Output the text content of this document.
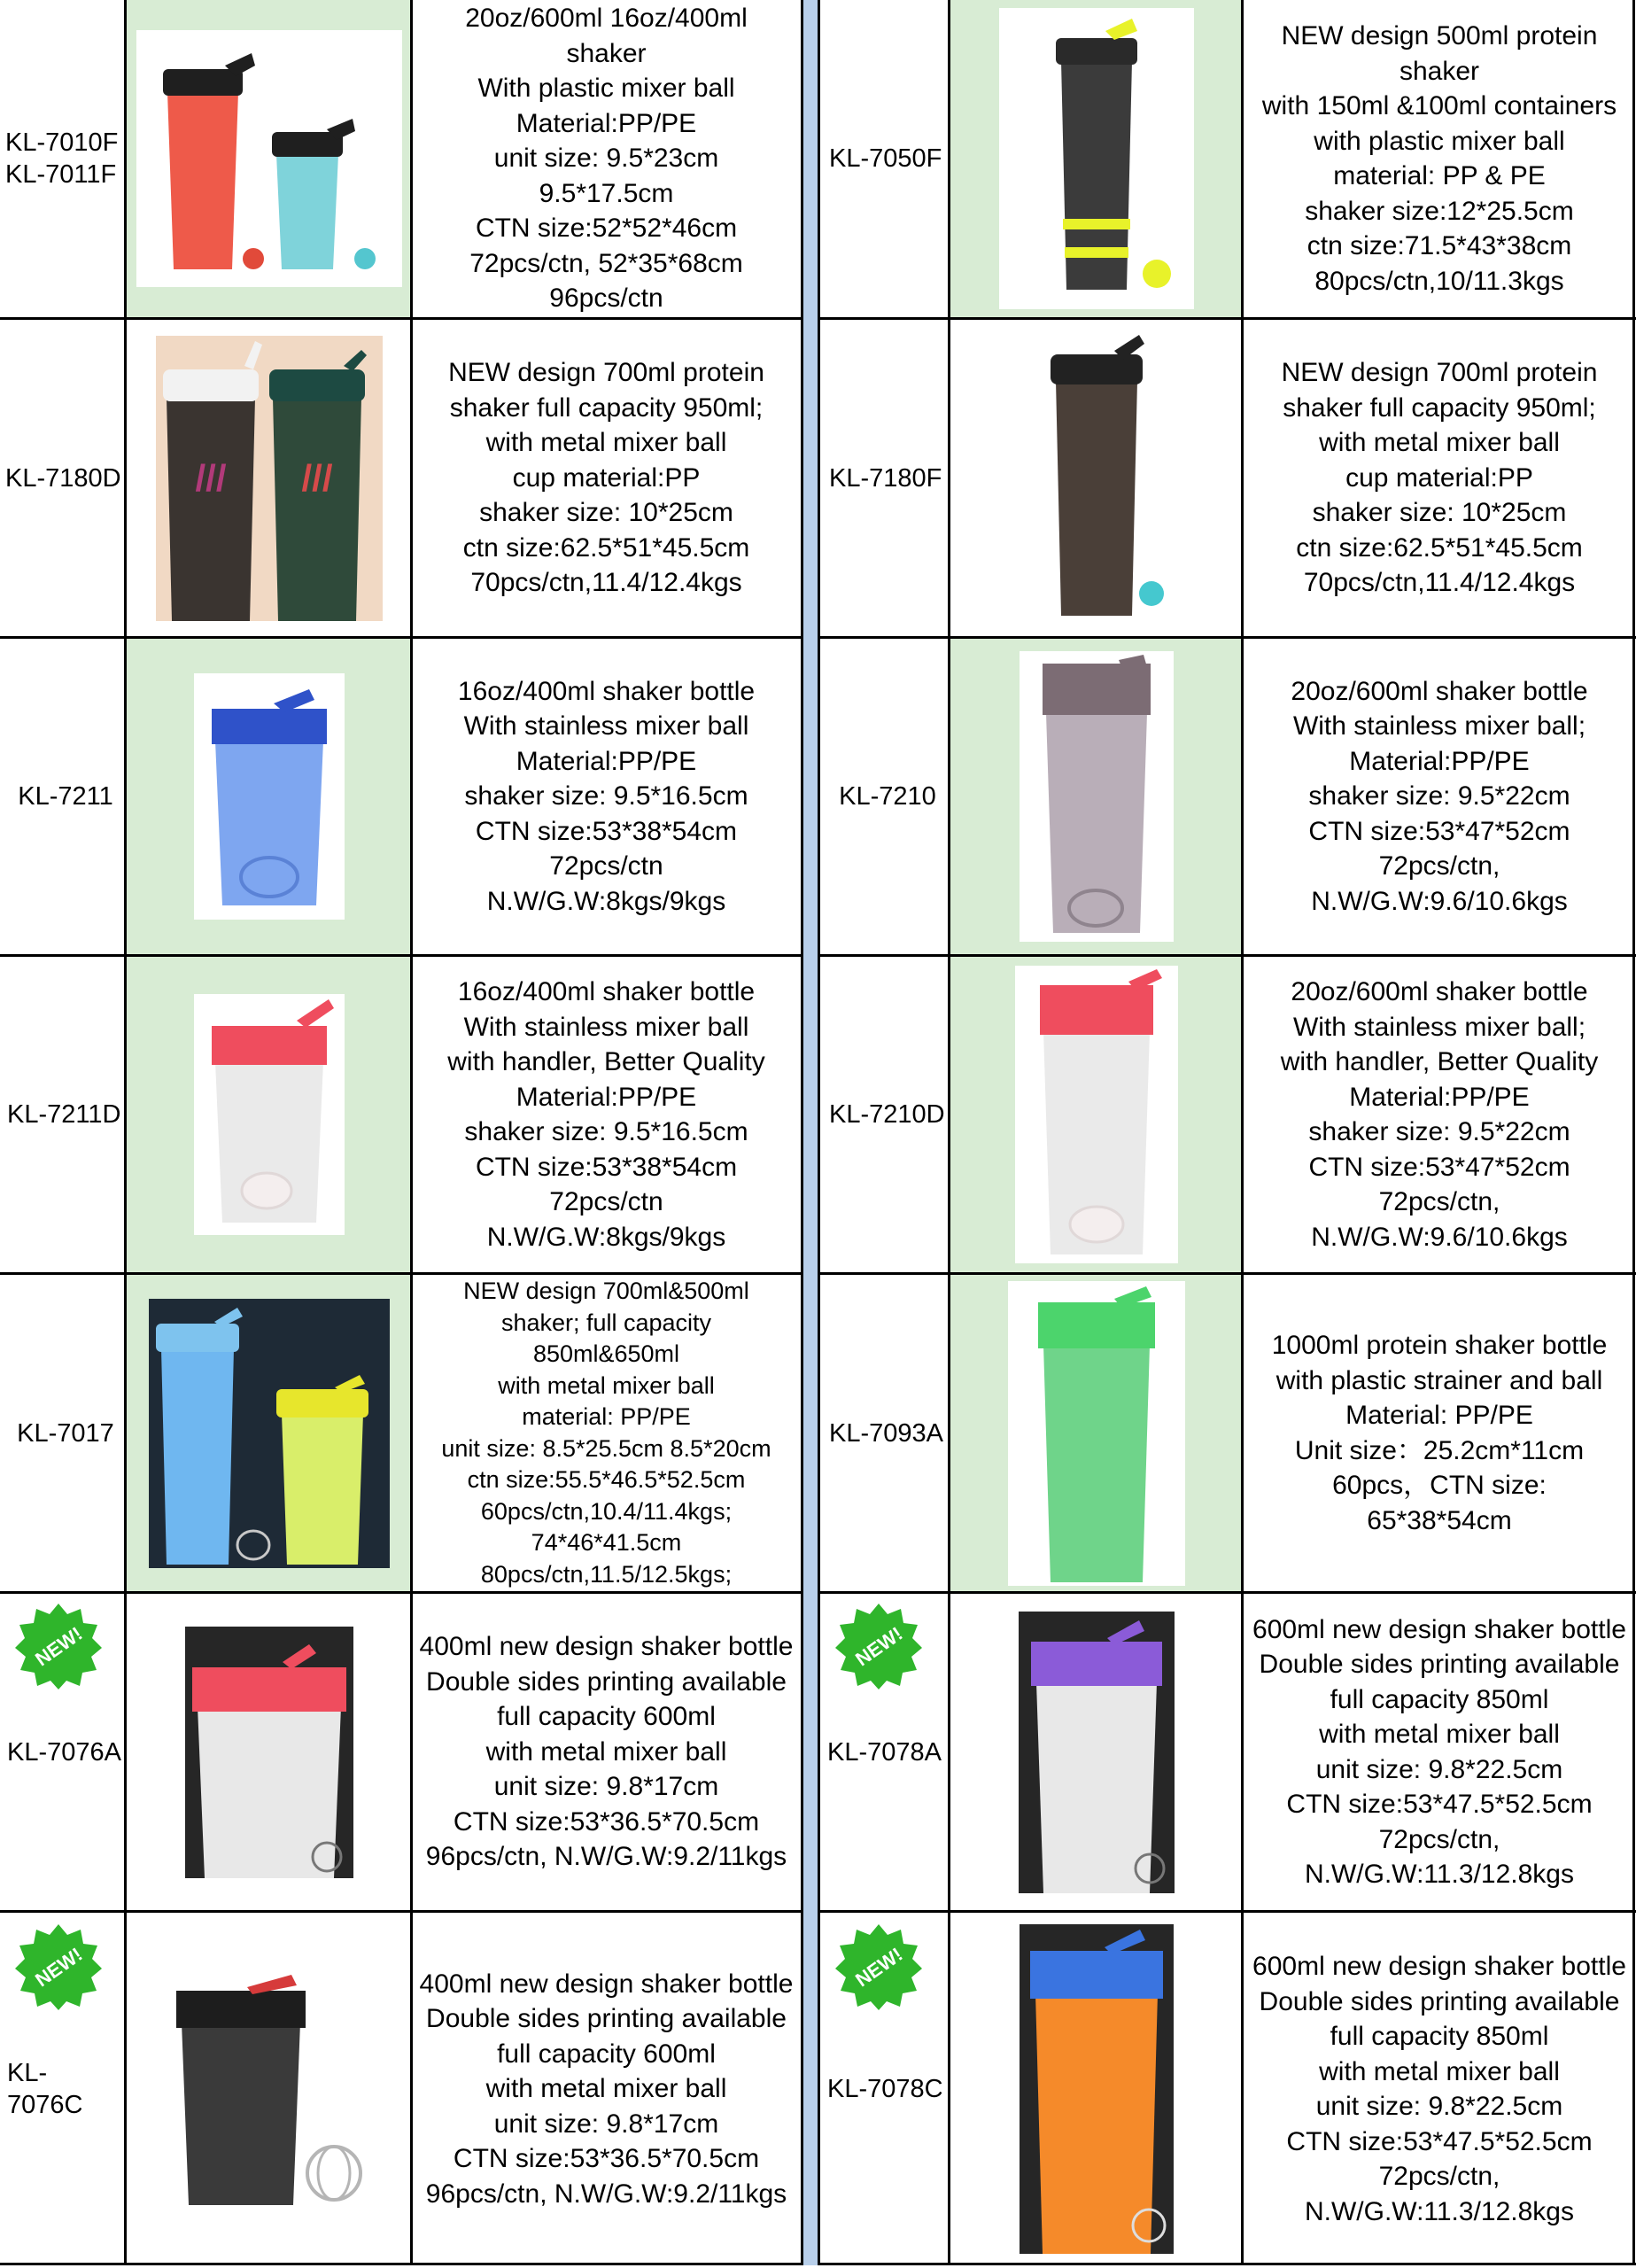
KL-7010F
KL-7011F
20oz/600ml 16oz/400ml
shaker
With plastic mixer ball
Material:PP/PE
unit size: 9.5*23cm
9.5*17.5cm
CTN size:52*52*46cm
72pcs/ctn, 52*35*68cm
96pcs/ctn
KL-7050F
NEW design 500ml protein
shaker
with 150ml &100ml containers
with plastic mixer ball
material: PP & PE
shaker size:12*25.5cm
ctn size:71.5*43*38cm
80pcs/ctn,10/11.3kgs
KL-7180D /// ///
NEW design 700ml protein
shaker full capacity 950ml;
with metal mixer ball
cup material:PP
shaker size: 10*25cm
ctn size:62.5*51*45.5cm
70pcs/ctn,11.4/12.4kgs
KL-7180F
NEW design 700ml protein
shaker full capacity 950ml;
with metal mixer ball
cup material:PP
shaker size: 10*25cm
ctn size:62.5*51*45.5cm
70pcs/ctn,11.4/12.4kgs
KL-7211
16oz/400ml shaker bottle
With stainless mixer ball
Material:PP/PE
shaker size: 9.5*16.5cm
CTN size:53*38*54cm
72pcs/ctn
N.W/G.W:8kgs/9kgs
KL-7210
20oz/600ml shaker bottle
With stainless mixer ball;
Material:PP/PE
shaker size: 9.5*22cm
CTN size:53*47*52cm
72pcs/ctn,
N.W/G.W:9.6/10.6kgs
KL-7211D
16oz/400ml shaker bottle
With stainless mixer ball
with handler, Better Quality
Material:PP/PE
shaker size: 9.5*16.5cm
CTN size:53*38*54cm
72pcs/ctn
N.W/G.W:8kgs/9kgs
KL-7210D
20oz/600ml shaker bottle
With stainless mixer ball;
with handler, Better Quality
Material:PP/PE
shaker size: 9.5*22cm
CTN size:53*47*52cm
72pcs/ctn,
N.W/G.W:9.6/10.6kgs
KL-7017
NEW design 700ml&500ml
shaker; full capacity
850ml&650ml
with metal mixer ball
material: PP/PE
unit size: 8.5*25.5cm 8.5*20cm
ctn size:55.5*46.5*52.5cm
60pcs/ctn,10.4/11.4kgs;
74*46*41.5cm
80pcs/ctn,11.5/12.5kgs;
KL-7093A
1000ml protein shaker bottle
with plastic strainer and ball
Material: PP/PE
Unit size：25.2cm*11cm
60pcs，CTN size:
65*38*54cm
KL-7076A
400ml new design shaker bottle
Double sides printing available
full capacity 600ml
with metal mixer ball
unit size: 9.8*17cm
CTN size:53*36.5*70.5cm
96pcs/ctn, N.W/G.W:9.2/11kgs
KL-7078A
600ml new design shaker bottle
Double sides printing available
full capacity 850ml
with metal mixer ball
unit size: 9.8*22.5cm
CTN size:53*47.5*52.5cm
72pcs/ctn,
N.W/G.W:11.3/12.8kgs
KL-
7076C
400ml new design shaker bottle
Double sides printing available
full capacity 600ml
with metal mixer ball
unit size: 9.8*17cm
CTN size:53*36.5*70.5cm
96pcs/ctn, N.W/G.W:9.2/11kgs
KL-7078C
600ml new design shaker bottle
Double sides printing available
full capacity 850ml
with metal mixer ball
unit size: 9.8*22.5cm
CTN size:53*47.5*52.5cm
72pcs/ctn,
N.W/G.W:11.3/12.8kgs
NEW!	NEW!
NEW!	NEW!
